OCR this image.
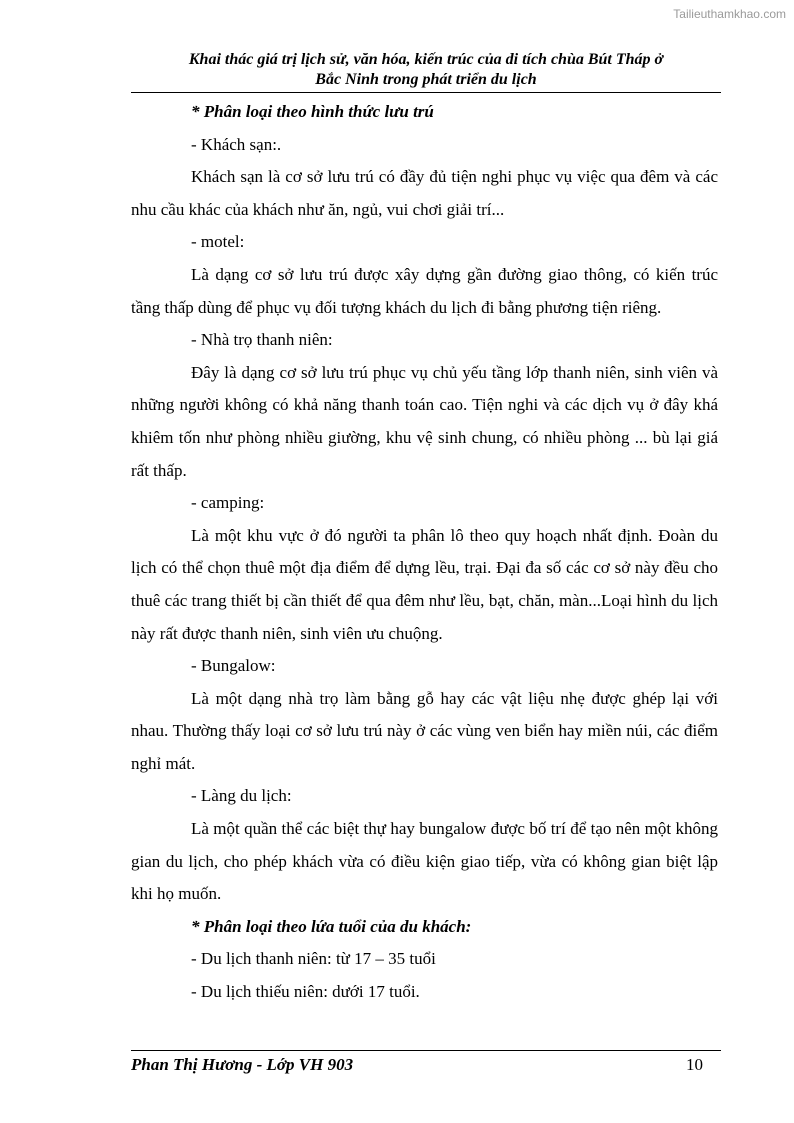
Tailieuthamkhao.com
Khai thác giá trị lịch sử, văn hóa, kiến trúc của di tích chùa Bút Tháp ở
Bắc Ninh trong phát triển du lịch

* Phân loại theo hình thức lưu trú

- Khách sạn:.

Khách sạn là cơ sở lưu trú có đầy đủ tiện nghi phục vụ việc qua đêm và các nhu cầu khác của khách như ăn, ngủ, vui chơi giải trí...

- motel:

Là dạng cơ sở lưu trú được xây dựng gần đường giao thông, có kiến trúc tầng thấp dùng để phục vụ đối tượng khách du lịch đi bằng phương tiện riêng.

- Nhà trọ thanh niên:

Đây là dạng cơ sở lưu trú phục vụ chủ yếu tầng lớp thanh niên, sinh viên và những người không có khả năng thanh toán cao. Tiện nghi và các dịch vụ ở đây khá khiêm tốn như phòng nhiều giường, khu vệ sinh chung, có nhiều phòng ... bù lại giá rất thấp.

- camping:

Là một khu vực ở đó người ta phân lô theo quy hoạch nhất định. Đoàn du lịch có thể chọn thuê một địa điểm để dựng lều, trại. Đại đa số các cơ sở này đều cho thuê các trang thiết bị cần thiết để qua đêm như lều, bạt, chăn, màn...Loại hình du lịch này rất được thanh niên, sinh viên ưu chuộng.

- Bungalow:

Là một dạng nhà trọ làm bằng gỗ hay các vật liệu nhẹ được ghép lại với nhau. Thường thấy loại cơ sở lưu trú này ở các vùng ven biển hay miền núi, các điểm nghỉ mát.

- Làng du lịch:

Là một quần thể các biệt thự hay bungalow được bố trí để tạo nên một không gian du lịch, cho phép khách vừa có điều kiện giao tiếp, vừa có không gian biệt lập khi họ muốn.

* Phân loại theo lứa tuổi của du khách:

- Du lịch thanh niên: từ 17 – 35 tuổi

- Du lịch thiếu niên: dưới 17 tuổi.

Phan Thị Hương - Lớp VH 903	10
